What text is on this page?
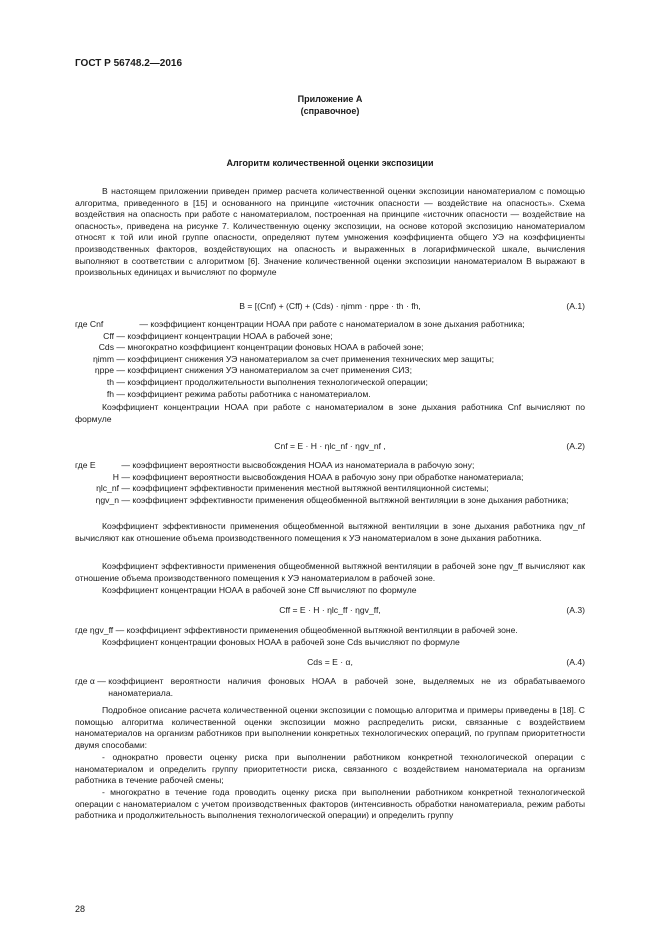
ГОСТ Р 56748.2—2016
Приложение А
(справочное)
Алгоритм количественной оценки экспозиции

В настоящем приложении приведен пример расчета количественной оценки экспозиции наноматериалом с помощью алгоритма, приведенного в [15] и основанного на принципе «источник опасности — воздействие на опасность». Схема воздействия на опасность при работе с наноматериалом, построенная на принципе «источник опасности — воздействие на опасность», приведена на рисунке 7. Количественную оценку экспозиции, на основе которой экспозицию наноматериалом относят к той или иной группе опасности, определяют путем умножения коэффициента общего УЭ на коэффициенты производственных факторов, воздействующих на опасность и выраженных в логарифмической шкале, вычисления выполняют в соответствии с алгоритмом [6]. Значение количественной оценки экспозиции наноматериалом B выражают в произвольных единицах и вычисляют по формуле

B = [(Cnf) + (Cff) + (Cds) · ηimm · ηppe · th · fh,	(А.1)
где Cnf	— коэффициент концентрации НОАА при работе с наноматериалом в зоне дыхания работника;
Cff — коэффициент концентрации НОАА в рабочей зоне;
Cds — многократно коэффициент концентрации фоновых НОАА в рабочей зоне;
ηimm — коэффициент снижения УЭ наноматериалом за счет применения технических мер защиты;
ηppe — коэффициент снижения УЭ наноматериалом за счет применения СИЗ;
th — коэффициент продолжительности выполнения технологической операции;
fh — коэффициент режима работы работника с наноматериалом.

Коэффициент концентрации НОАА при работе с наноматериалом в зоне дыхания работника Cnf вычисляют по формуле

Cnf = E · H · ηlc_nf · ηgv_nf ,	(А.2)
где E	— коэффициент вероятности высвобождения НОАА из наноматериала в рабочую зону;
H — коэффициент вероятности высвобождения НОАА в рабочую зону при обработке наноматериала;
ηlc_nf — коэффициент эффективности применения местной вытяжной вентиляционной системы;
ηgv_n — коэффициент эффективности применения общеобменной вытяжной вентиляции в зоне дыхания работника;

Коэффициент эффективности применения общеобменной вытяжной вентиляции в зоне дыхания работника ηgv_nf вычисляют как отношение объема производственного помещения к УЭ наноматериалом в зоне дыхания работника.

Коэффициент эффективности применения общеобменной вытяжной вентиляции в рабочей зоне ηgv_ff вычисляют как отношение объема производственного помещения к УЭ наноматериалом в рабочей зоне.

Коэффициент концентрации НОАА в рабочей зоне Cff вычисляют по формуле

Cff = E · H · ηlc_ff · ηgv_ff,	(А.3)
где ηgv_ff — коэффициент эффективности применения общеобменной вытяжной вентиляции в рабочей зоне.

Коэффициент концентрации фоновых НОАА в рабочей зоне Cds вычисляют по формуле

Cds = E · α,	(А.4)
где α — коэффициент вероятности наличия фоновых НОАА в рабочей зоне, выделяемых не из обрабатываемого наноматериала.

Подробное описание расчета количественной оценки экспозиции с помощью алгоритма и примеры приведены в [18]. С помощью алгоритма количественной оценки экспозиции можно распределить риски, связанные с воздействием наноматериалов на организм работников при выполнении конкретных технологических операций, по группам приоритетности двумя способами:

- однократно провести оценку риска при выполнении работником конкретной технологической операции с наноматериалом и определить группу приоритетности риска, связанного с воздействием наноматериала на организм работника в течение рабочей смены;

- многократно в течение года проводить оценку риска при выполнении работником конкретной технологической операции с наноматериалом с учетом производственных факторов (интенсивность обработки наноматериала, режим работы работника и продолжительность выполнения технологической операции) и определить группу

28
